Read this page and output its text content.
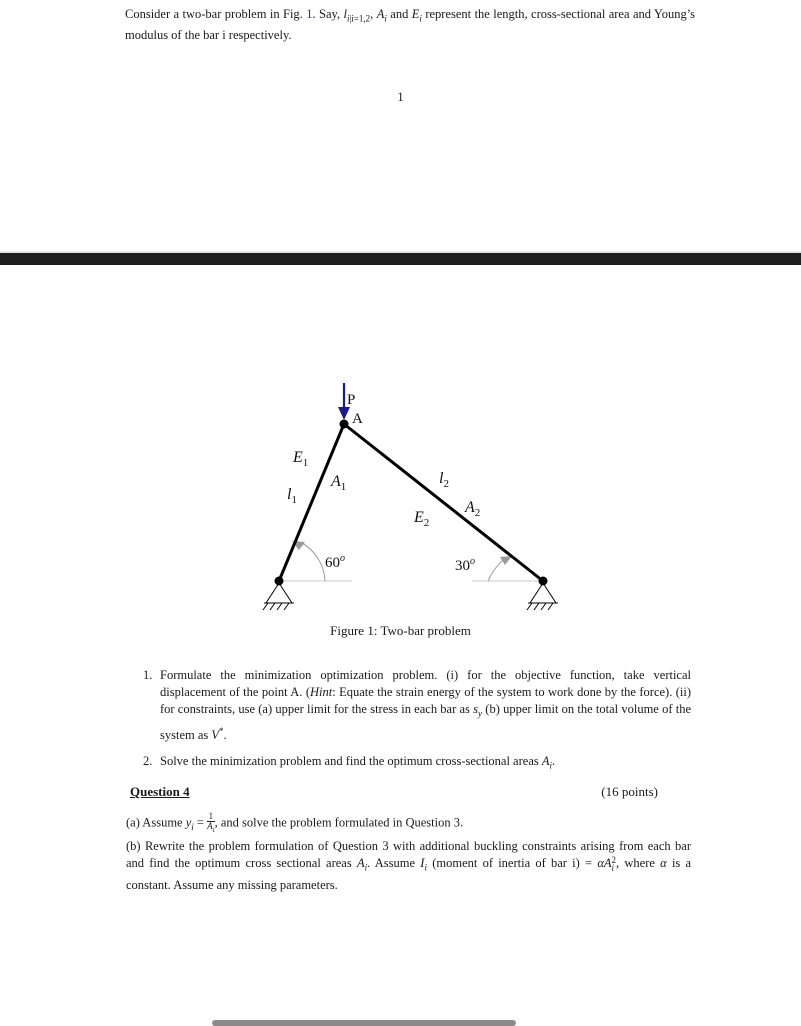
Consider a two-bar problem in Fig. 1. Say, $l_{i|i=1,2}$, $A_i$ and $E_i$ represent the length, cross-sectional area and Young’s modulus of the bar i respectively.
1
P
A
$E_1$
$A_1$
$l_1$
$l_2$
$A_2$
$E_2$
60$^o$	30$^o$
Figure 1: Two-bar problem
1. Formulate the minimization optimization problem. (i) for the objective function, take vertical displacement of the point A. (Hint: Equate the strain energy of the system to work done by the force). (ii) for constraints, use (a) upper limit for the stress in each bar as $s_y$ (b) upper limit on the total volume of the system as V*.
2. Solve the minimization problem and find the optimum cross-sectional areas $A_i$.
Question 4	(16 points)
(a) Assume $y_i = \frac{1}{A_i}$ , and solve the problem formulated in Question 3.
(b) Rewrite the problem formulation of Question 3 with additional buckling constraints arising from each bar and find the optimum cross sectional areas $A_i$. Assume $I_i$ (moment of inertia of bar i) = αA 2
i , where α is a constant. Assume any missing parameters.
